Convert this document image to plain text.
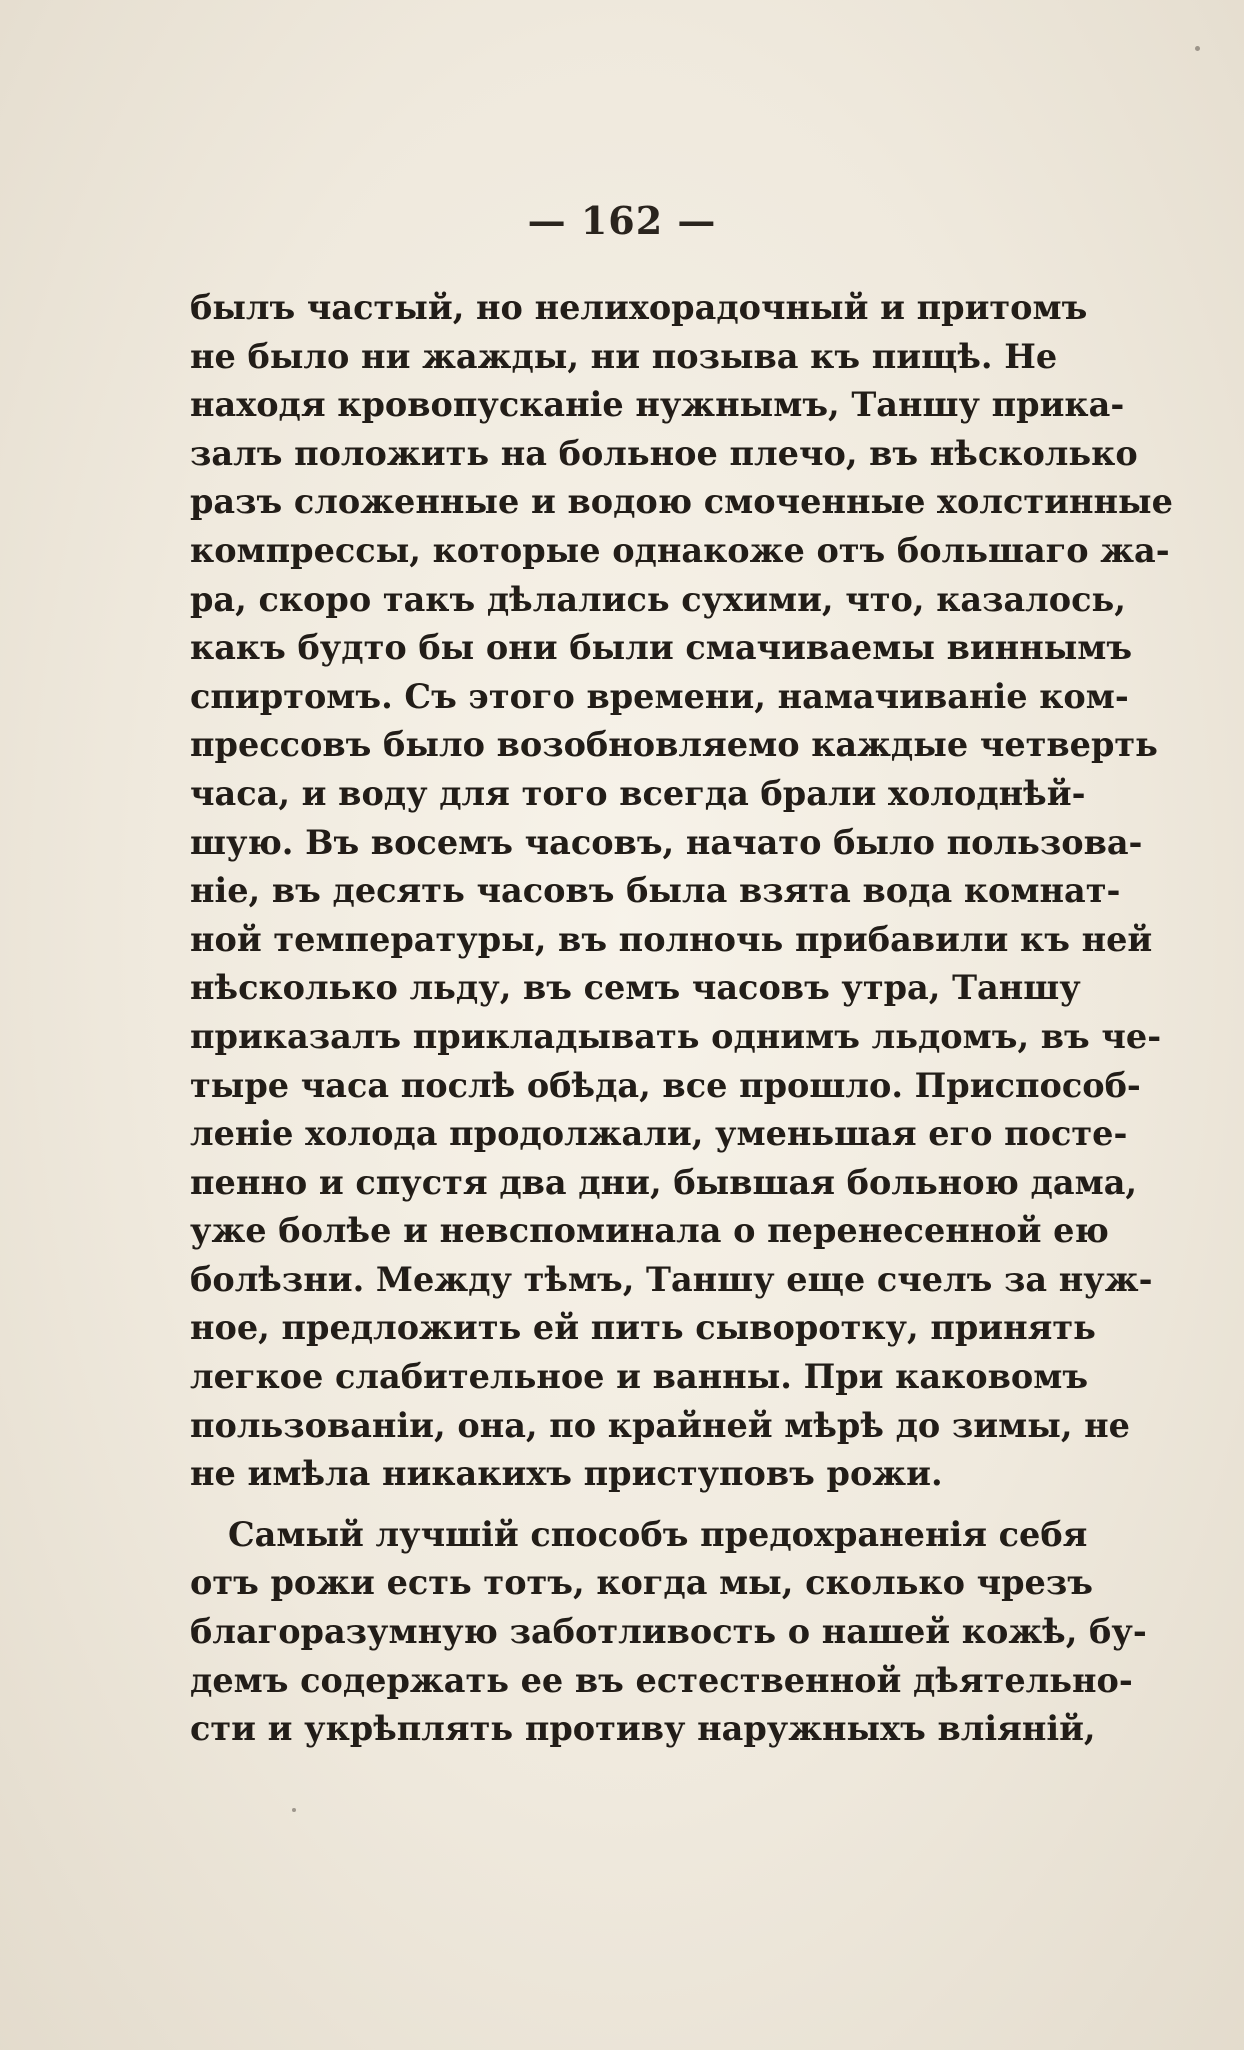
— 162 —
былъ частый, но нелихорадочный и притомъ
не было ни жажды, ни позыва къ пищѣ. Не
находя кровопусканіе нужнымъ, Таншу прика-
залъ положить на больное плечо, въ нѣсколько
разъ сложенные и водою смоченные холстинные
компрессы, которые однакоже отъ большаго жа-
ра, скоро такъ дѣлались сухими, что, казалось,
какъ будто бы они были смачиваемы виннымъ
спиртомъ. Съ этого времени, намачиваніе ком-
прессовъ было возобновляемо каждые четверть
часа, и воду для того всегда брали холоднѣй-
шую. Въ восемъ часовъ, начато было пользова-
ніе, въ десять часовъ была взята вода комнат-
ной температуры, въ полночь прибавили къ ней
нѣсколько льду, въ семъ часовъ утра, Таншу
приказалъ прикладывать однимъ льдомъ, въ че-
тыре часа послѣ обѣда, все прошло. Приспособ-
леніе холода продолжали, уменьшая его посте-
пенно и спустя два дни, бывшая больною дама,
уже болѣе и невспоминала о перенесенной ею
болѣзни. Между тѣмъ, Таншу еще счелъ за нуж-
ное, предложить ей пить сыворотку, принять
легкое слабительное и ванны. При каковомъ
пользованіи, она, по крайней мѣрѣ до зимы, не
не имѣла никакихъ приступовъ рожи.
Самый лучшій способъ предохраненія себя
отъ рожи есть тотъ, когда мы, сколько чрезъ
благоразумную заботливость о нашей кожѣ, бу-
демъ содержать ее въ естественной дѣятельно-
сти и укрѣплять противу наружныхъ вліяній,
